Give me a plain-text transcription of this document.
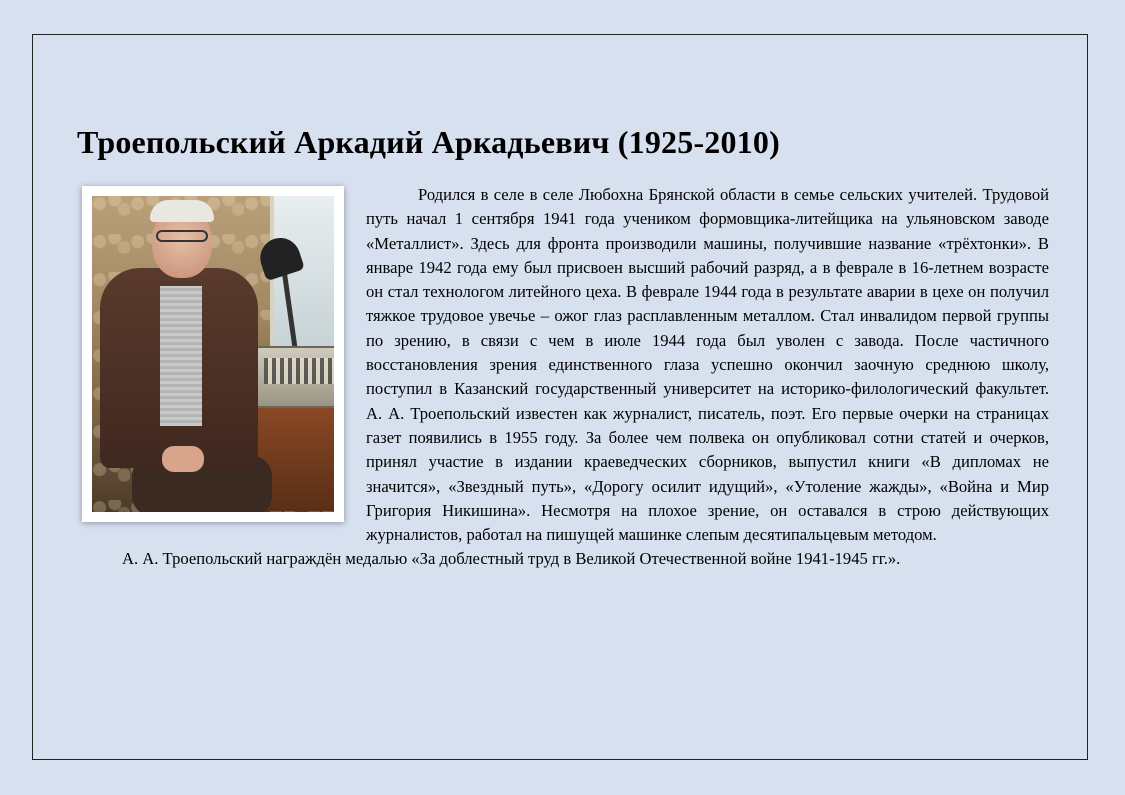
Троепольский Аркадий Аркадьевич (1925-2010)

Родился в селе в селе Любохна Брянской области в семье сельских учителей. Трудовой путь начал 1 сентября 1941 года учеником формовщика-литейщика на ульяновском заводе «Металлист». Здесь для фронта производили машины, получившие название «трёхтонки». В январе 1942 года ему был присвоен высший рабочий разряд, а в феврале в 16-летнем возрасте он стал технологом литейного цеха. В феврале 1944 года в результате аварии в цехе он получил тяжкое трудовое увечье – ожог глаз расплавленным металлом. Стал инвалидом первой группы по зрению, в связи с чем в июле 1944 года был уволен с завода. После частичного восстановления зрения единственного глаза успешно окончил заочную среднюю школу, поступил в Казанский государственный университет на историко-филологический факультет. А. А. Троепольский известен как журналист, писатель, поэт. Его первые очерки на страницах газет появились в 1955 году. За более чем полвека он опубликовал сотни статей и очерков, принял участие в издании краеведческих сборников, выпустил книги «В дипломах не значится», «Звездный путь», «Дорогу осилит идущий», «Утоление жажды», «Война и Мир Григория Никишина». Несмотря на плохое зрение, он оставался в строю действующих журналистов, работал на пишущей машинке слепым десятипальцевым методом.

А. А. Троепольский награждён медалью «За доблестный труд в Великой Отечественной войне 1941-1945 гг.».
